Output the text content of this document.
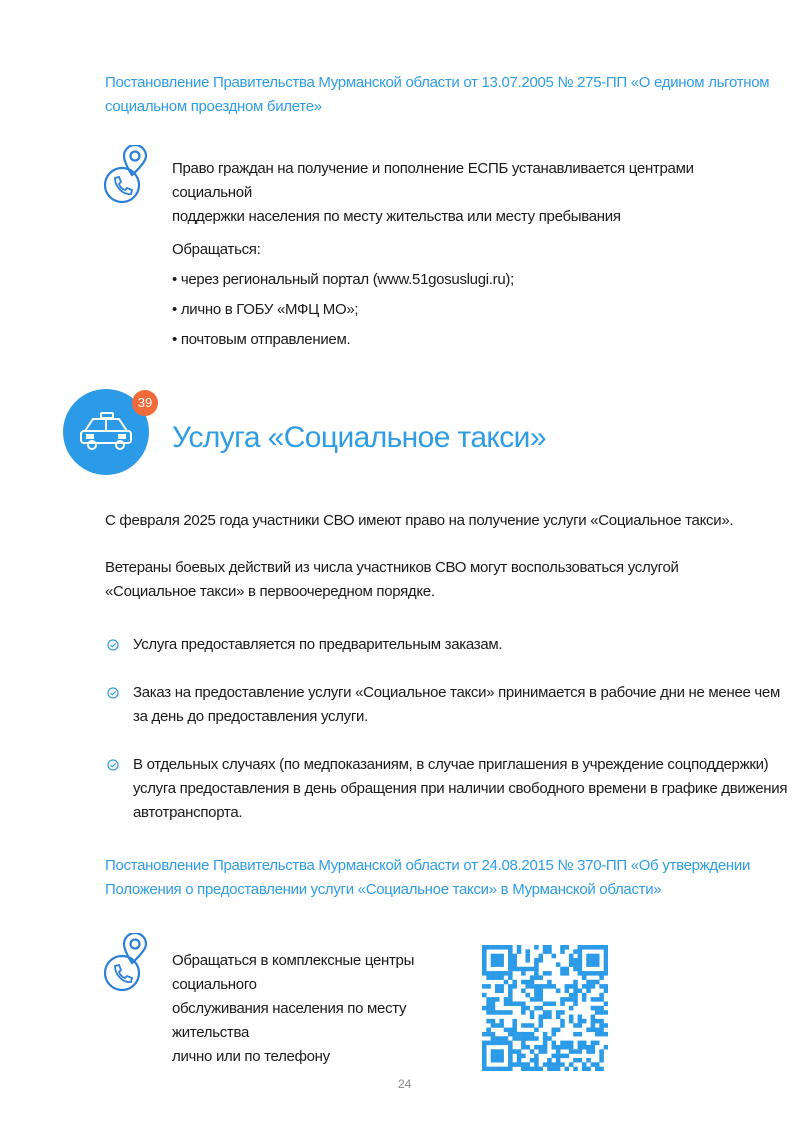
Постановление Правительства Мурманской области от 13.07.2005 № 275-ПП «О едином льготном
социальном проездном билете»
Право граждан на получение и пополнение ЕСПБ устанавливается центрами социальной
поддержки населения по месту жительства или месту пребывания
Обращаться:
• через региональный портал (www.51gosuslugi.ru);
• лично в ГОБУ «МФЦ МО»;
• почтовым отправлением.
39
Услуга «Социальное такси»
С февраля 2025 года участники СВО имеют право на получение услуги «Социальное такси».
Ветераны боевых действий из числа участников СВО могут воспользоваться услугой
«Социальное такси» в первоочередном порядке.
Услуга предоставляется по предварительным заказам.
Заказ на предоставление услуги «Социальное такси» принимается в рабочие дни не менее чем
за день до предоставления услуги.
В отдельных случаях (по медпоказаниям, в случае приглашения в учреждение соцподдержки)
услуга предоставления в день обращения при наличии свободного времени в графике движения
автотранспорта.
Постановление Правительства Мурманской области от 24.08.2015 № 370-ПП «Об утверждении
Положения о предоставлении услуги «Социальное такси» в Мурманской области»
Обращаться в комплексные центры социального
обслуживания населения по месту жительства
лично или по телефону
24
